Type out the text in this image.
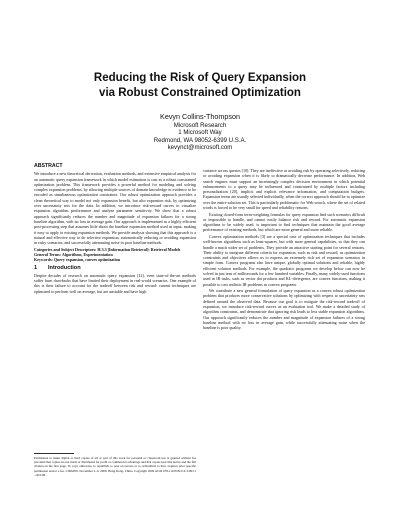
Reducing the Risk of Query Expansion
via Robust Constrained Optimization
Kevyn Collins-Thompson
Microsoft Research
1 Microsoft Way
Redmond, WA 98052-6399 U.S.A.
kevynct@microsoft.com
ABSTRACT

We introduce a new theoretical derivation, evaluation methods, and extensive empirical analysis for an automatic query expansion framework in which model estimation is cast as a robust constrained optimization problem. This framework provides a powerful method for modeling and solving complex expansion problems, by allowing multiple sources of domain knowledge or evidence to be encoded as simultaneous optimization constraints. Our robust optimization approach provides a clean theoretical way to model not only expansion benefit, but also expansion risk, by optimizing over uncertainty sets for the data. In addition, we introduce risk-reward curves to visualize expansion algorithm performance and analyze parameter sensitivity. We show that a robust approach significantly reduces the number and magnitude of expansion failures for a strong baseline algorithm, with no loss in average gain. Our approach is implemented as a highly efficient post-processing step that assumes little about the baseline expansion method used as input, making it easy to apply to existing expansion methods. We provide analysis showing that this approach is a natural and effective way to do selective expansion, automatically reducing or avoiding expansion in risky scenarios, and successfully attenuating noise in poor baseline methods.

Categories and Subject Descriptors: H.3.3 [Information Retrieval]: Retrieval Models
General Terms: Algorithms, Experimentation
Keywords: Query expansion, convex optimization

1 Introduction

Despite decades of research on automatic query expansion [12], even state-of-the-art methods suffer from drawbacks that have limited their deployment in real-world scenarios. One example of this is their failure to account for the tradeoff between risk and reward: current techniques are optimized to perform well on average, but are unstable and have high

Permission to make digital or hard copies of all or part of this work for personal or classroom use is granted without fee provided that copies are not made or distributed for profit or commercial advantage and that copies bear this notice and the full citation on the first page. To copy otherwise, to republish, to post on servers or to redistribute to lists, requires prior specific permission and/or a fee. CIKM'09, November 2–6, 2009, Hong Kong, China. Copyright 2009 ACM 978-1-60558-512-3/09/11 ...$10.00.

variance across queries [10]. They are ineffective at avoiding risk by operating selectively, reducing or avoiding expansion when it is likely to dramatically decrease performance. In addition, Web search engines must support an increasingly complex decision environment in which potential enhancements to a query may be influenced and constrained by multiple factors including personalization [20], implicit and explicit relevance information, and computation budgets. Expansion terms are usually selected individually, when the correct approach should be to optimize over the entire solution set. This is particularly problematic for Web search, where the set of related words is forced to be very small for speed and reliability reasons.

Existing closed-form term-weighting formulas for query expansion find such scenarios difficult or impossible to handle, and cannot easily balance risk and reward. For automatic expansion algorithms to be widely used, is important to find techniques that maintain the good average performance of existing methods, but which are more general and more reliable.

Convex optimization methods [3] are a special case of optimization techniques that includes well-known algorithms such as least-squares, but with more general capabilities, so that they can handle a much wider set of problems. They provide an attractive starting point for several reasons. Their ability to integrate different criteria for expansion, such as risk and reward, as optimization constraints and objectives allows us to express an extremely rich set of expansion scenarios in simple form. Convex programs also have unique, globally optimal solutions and reliable, highly efficient solution methods. For example, the quadratic programs we develop below can now be solved in just tens of milliseconds for a few hundred variables. Finally, many widely-used functions used in IR tasks, such as vector dot products and KL-divergence, are convex functions, making it possible to cast realistic IR problems as convex programs.

We contribute a new general formulation of query expansion as a convex robust optimization problem that produces more conservative solutions by optimizing with respect to uncertainty sets defined around the observed data. Because our goal is to mitigate the risk-reward tradeoff of expansion, we introduce risk-reward curves as an evaluation tool. We make a detailed study of algorithm constraints, and demonstrate that ignoring risk leads to less stable expansion algorithms. Our approach significantly reduces the number and magnitude of expansion failures of a strong baseline method with no loss in average gain, while successfully attenuating noise when the baseline is poor quality.
